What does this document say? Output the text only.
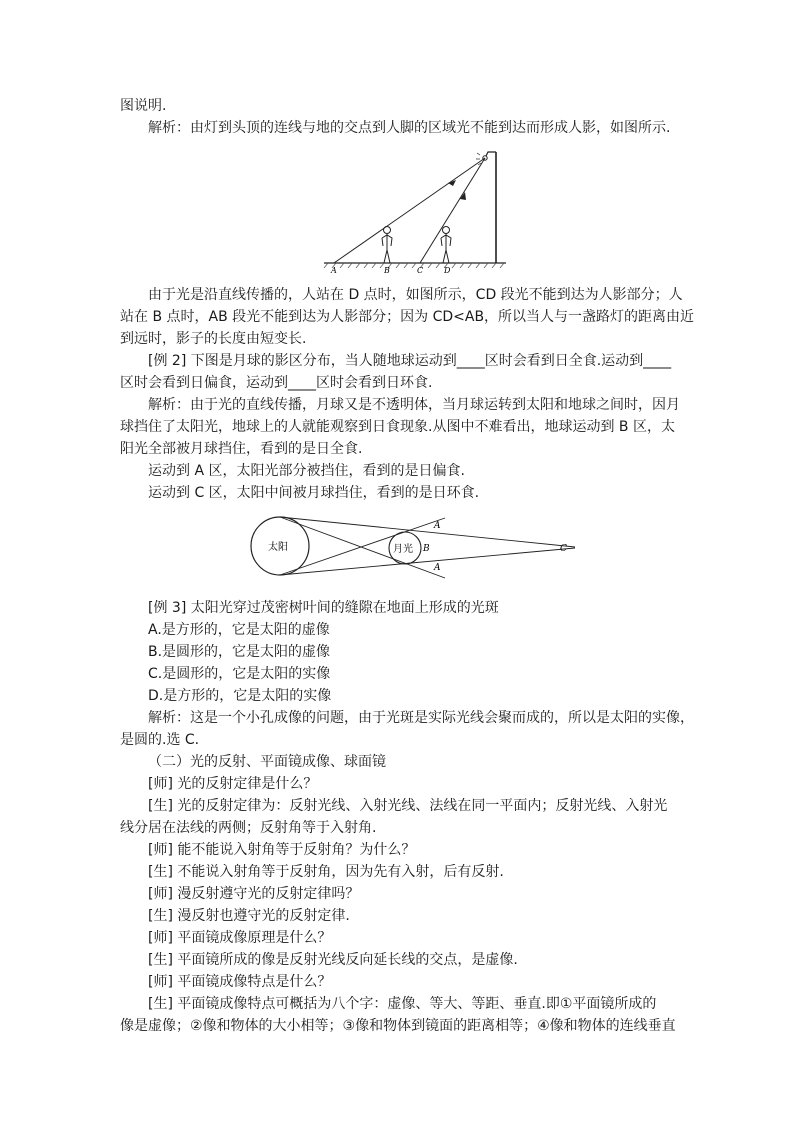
图说明.
解析：由灯到头顶的连线与地的交点到人脚的区域光不能到达而形成人影，如图所示.
A	B	C	D
由于光是沿直线传播的，人站在 D 点时，如图所示，CD 段光不能到达为人影部分；人
站在 B 点时，AB 段光不能到达为人影部分；因为 CD<AB，所以当人与一盏路灯的距离由近
到远时，影子的长度由短变长.
[例 2] 下图是月球的影区分布，当人随地球运动到____区时会看到日全食.运动到____
区时会看到日偏食，运动到____区时会看到日环食.
解析：由于光的直线传播，月球又是不透明体，当月球运转到太阳和地球之间时，因月
球挡住了太阳光，地球上的人就能观察到日食现象.从图中不难看出，地球运动到 B 区，太
阳光全部被月球挡住，看到的是日全食.
运动到 A 区，太阳光部分被挡住，看到的是日偏食.
运动到 C 区，太阳中间被月球挡住，看到的是日环食.
太阳	月光
A
B
A
C
[例 3] 太阳光穿过茂密树叶间的缝隙在地面上形成的光斑
A.是方形的，它是太阳的虚像
B.是圆形的，它是太阳的虚像
C.是圆形的，它是太阳的实像
D.是方形的，它是太阳的实像
解析：这是一个小孔成像的问题，由于光斑是实际光线会聚而成的，所以是太阳的实像，
是圆的.选 C.
（二）光的反射、平面镜成像、球面镜
[师] 光的反射定律是什么？
[生] 光的反射定律为：反射光线、入射光线、法线在同一平面内；反射光线、入射光
线分居在法线的两侧；反射角等于入射角.
[师] 能不能说入射角等于反射角？为什么？
[生] 不能说入射角等于反射角，因为先有入射，后有反射.
[师] 漫反射遵守光的反射定律吗？
[生] 漫反射也遵守光的反射定律.
[师] 平面镜成像原理是什么？
[生] 平面镜所成的像是反射光线反向延长线的交点，是虚像.
[师] 平面镜成像特点是什么？
[生] 平面镜成像特点可概括为八个字：虚像、等大、等距、垂直.即①平面镜所成的
像是虚像；②像和物体的大小相等；③像和物体到镜面的距离相等；④像和物体的连线垂直
